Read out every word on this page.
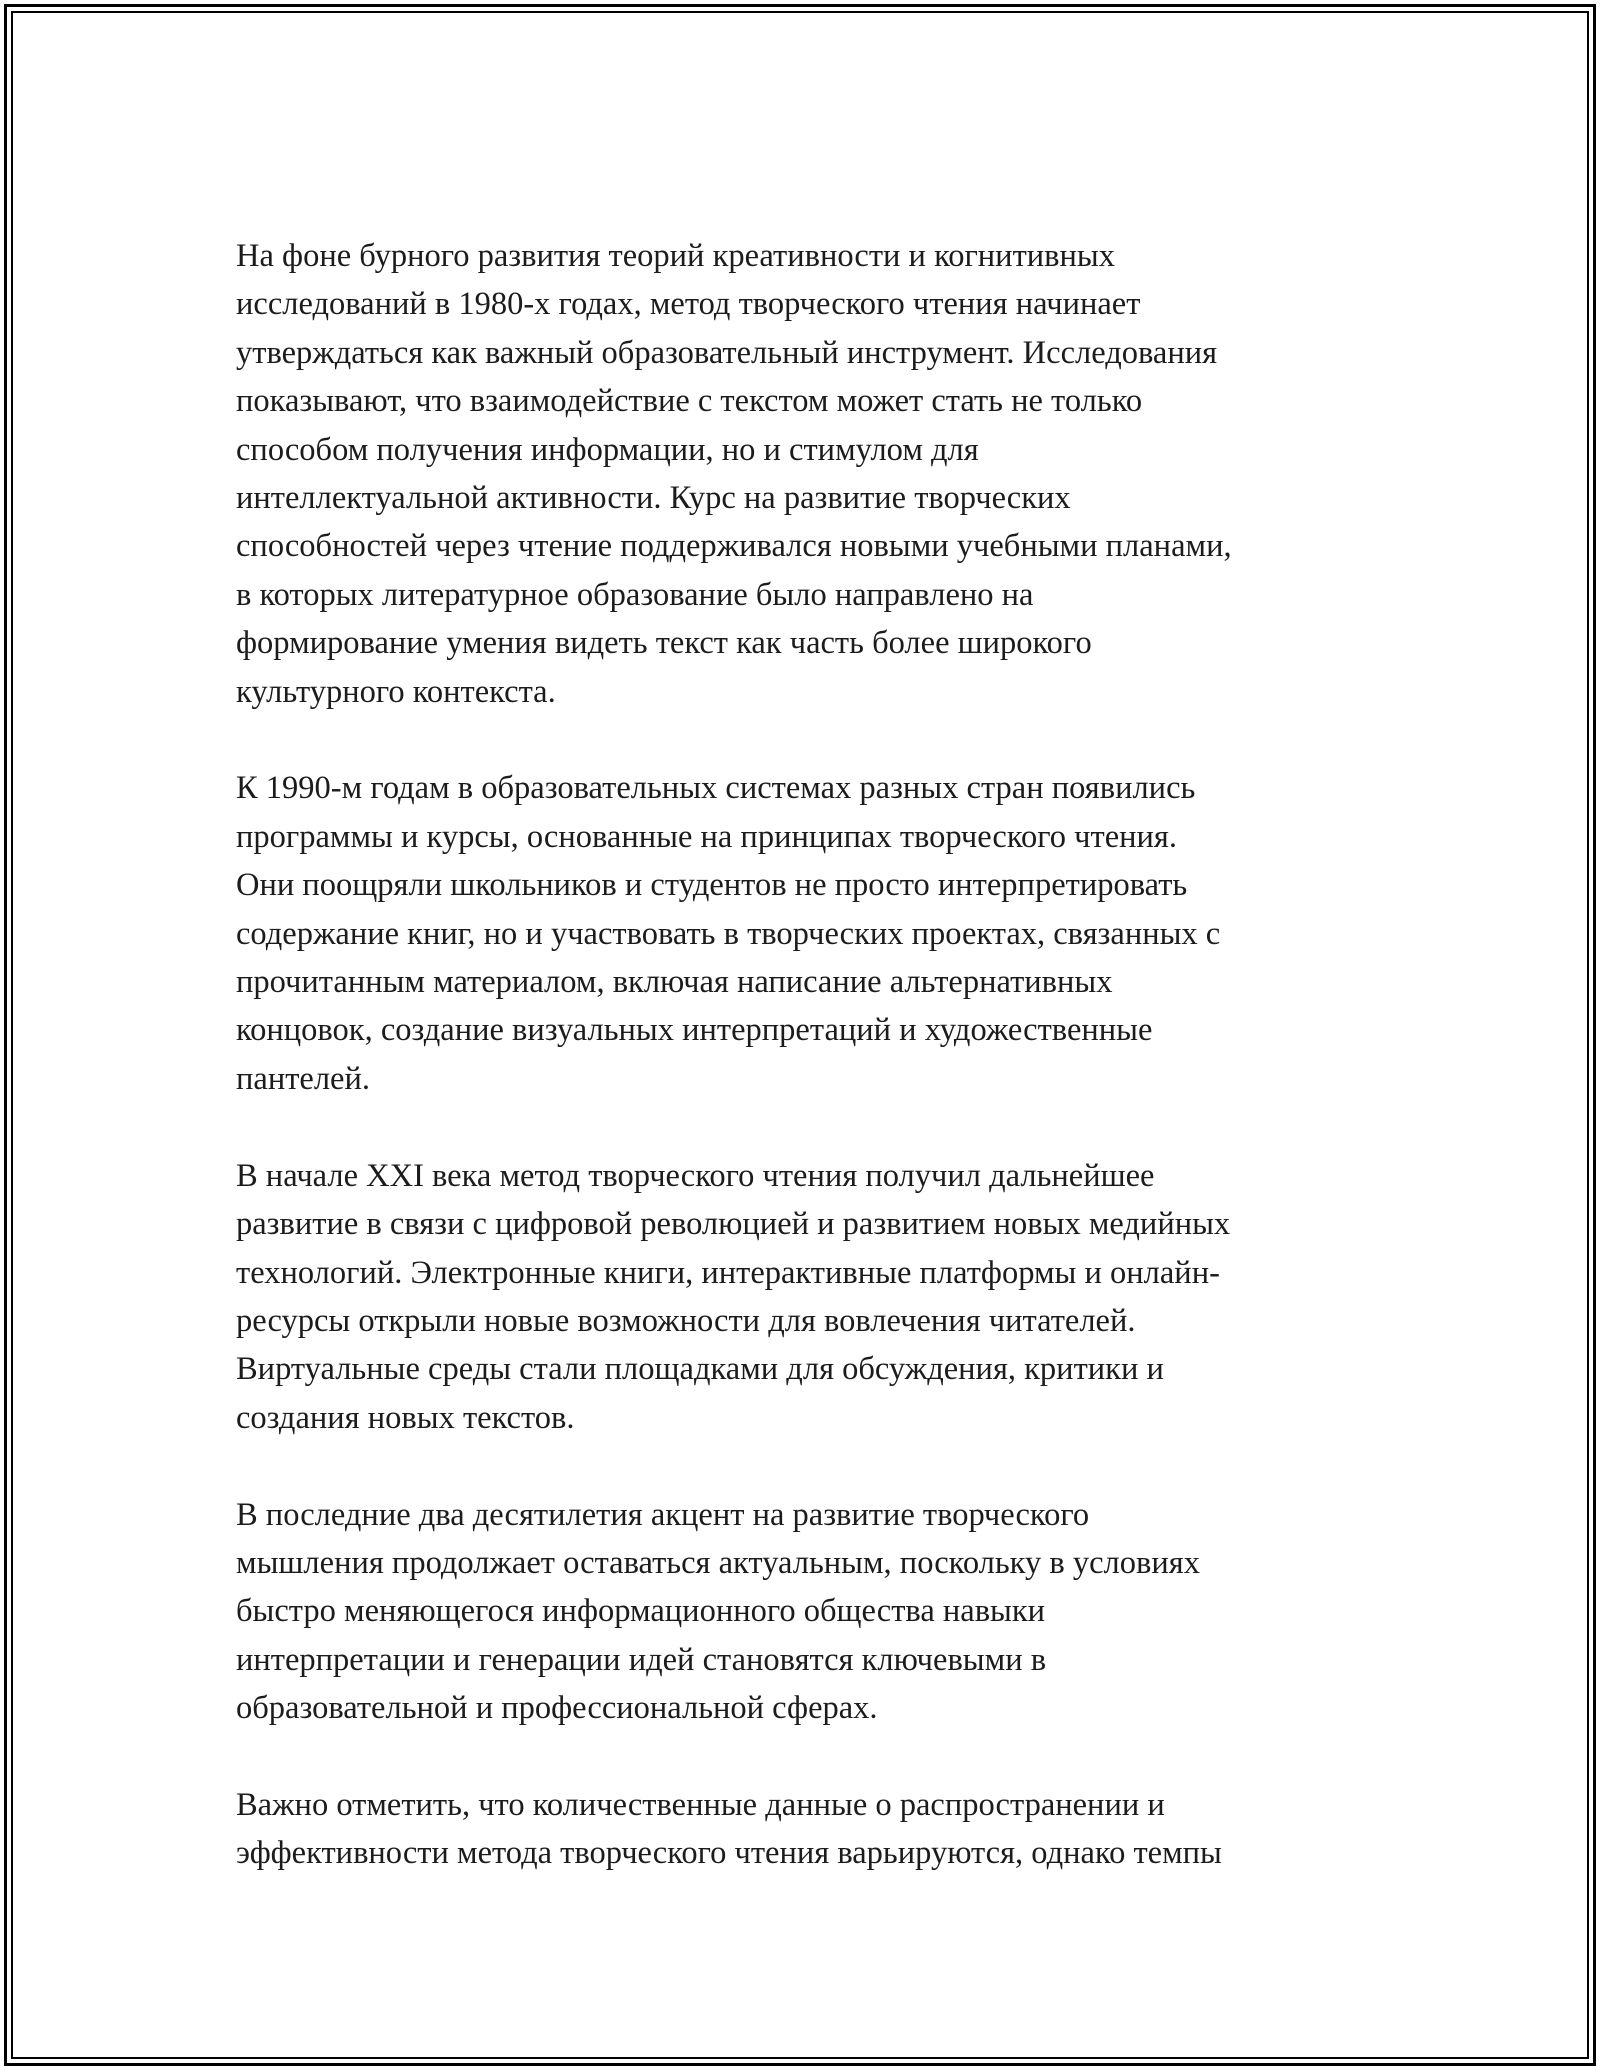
На фоне бурного развития теорий креативности и когнитивных
исследований в 1980-х годах, метод творческого чтения начинает
утверждаться как важный образовательный инструмент. Исследования
показывают, что взаимодействие с текстом может стать не только
способом получения информации, но и стимулом для
интеллектуальной активности. Курс на развитие творческих
способностей через чтение поддерживался новыми учебными планами,
в которых литературное образование было направлено на
формирование умения видеть текст как часть более широкого
культурного контекста.

К 1990-м годам в образовательных системах разных стран появились
программы и курсы, основанные на принципах творческого чтения.
Они поощряли школьников и студентов не просто интерпретировать
содержание книг, но и участвовать в творческих проектах, связанных с
прочитанным материалом, включая написание альтернативных
концовок, создание визуальных интерпретаций и художественные
пантелей.

В начале XXI века метод творческого чтения получил дальнейшее
развитие в связи с цифровой революцией и развитием новых медийных
технологий. Электронные книги, интерактивные платформы и онлайн-
ресурсы открыли новые возможности для вовлечения читателей.
Виртуальные среды стали площадками для обсуждения, критики и
создания новых текстов.

В последние два десятилетия акцент на развитие творческого
мышления продолжает оставаться актуальным, поскольку в условиях
быстро меняющегося информационного общества навыки
интерпретации и генерации идей становятся ключевыми в
образовательной и профессиональной сферах.

Важно отметить, что количественные данные о распространении и
эффективности метода творческого чтения варьируются, однако темпы
